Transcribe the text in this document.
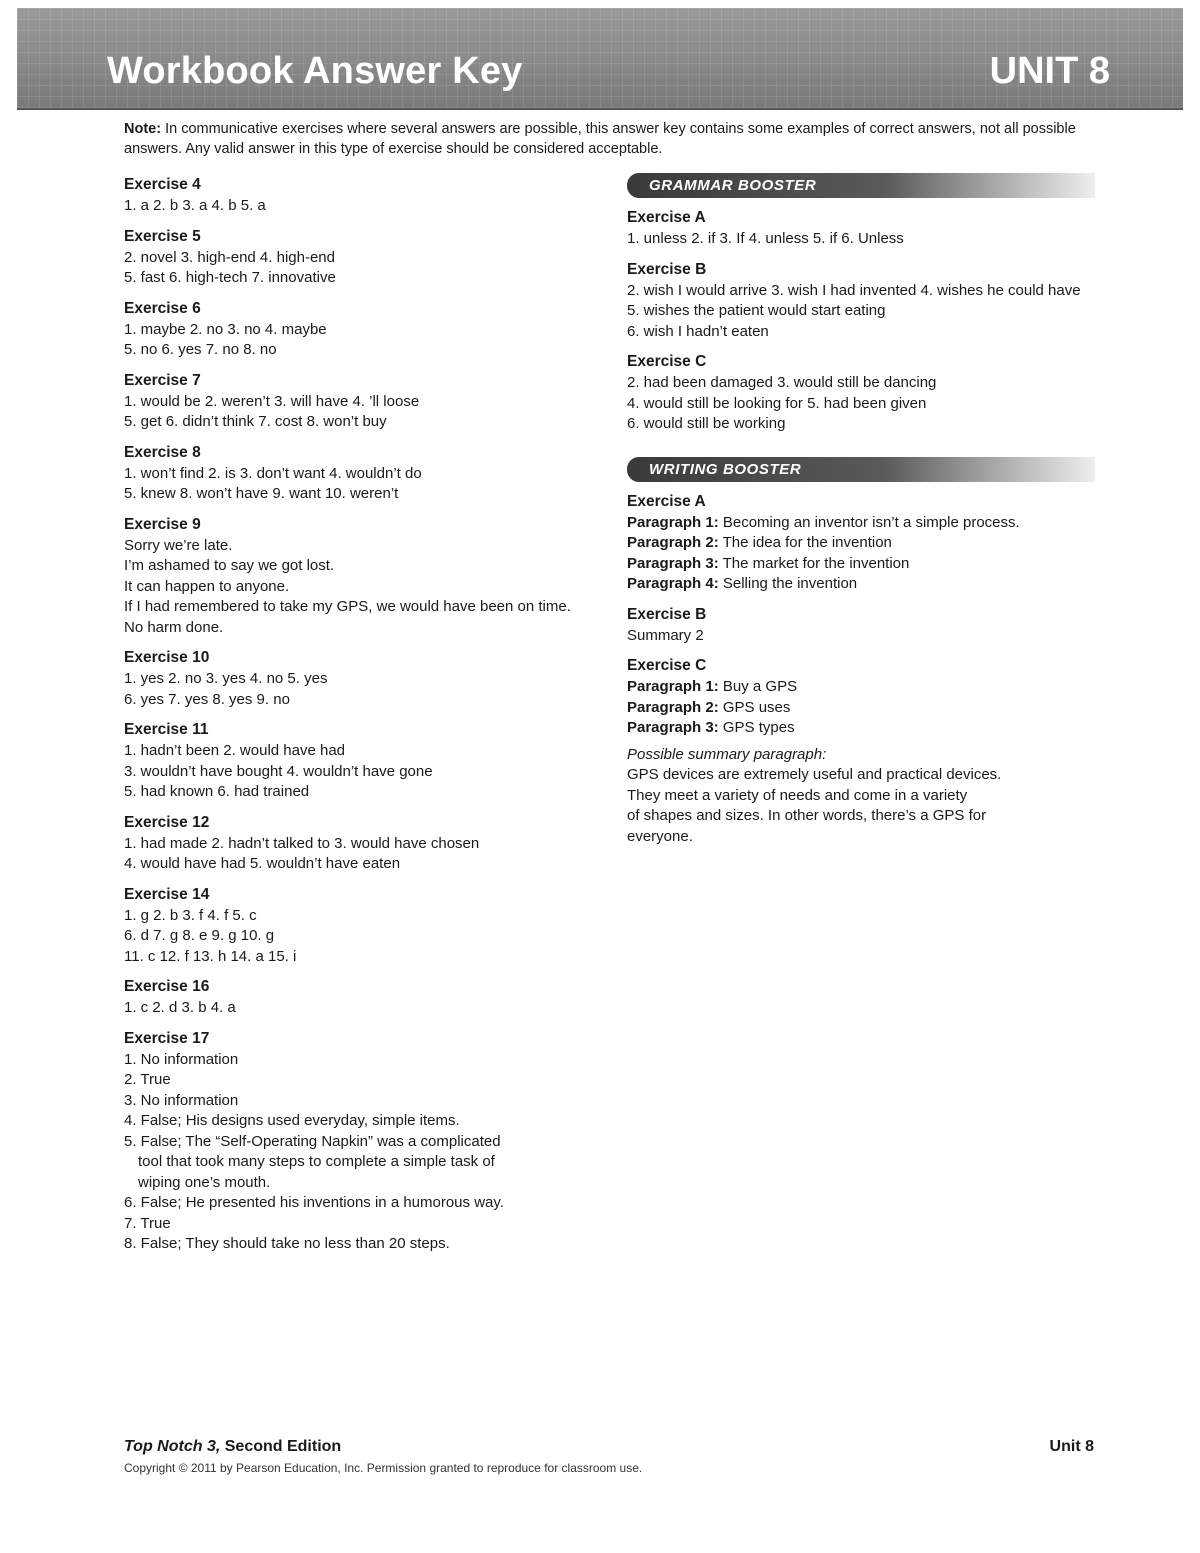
Workbook Answer Key	UNIT 8
Note: In communicative exercises where several answers are possible, this answer key contains some examples of correct answers, not all possible answers. Any valid answer in this type of exercise should be considered acceptable.
Exercise 4
1. a 2. b 3. a 4. b 5. a
Exercise 5
2. novel 3. high-end 4. high-end
5. fast 6. high-tech 7. innovative
Exercise 6
1. maybe 2. no 3. no 4. maybe
5. no 6. yes 7. no 8. no
Exercise 7
1. would be 2. weren’t 3. will have 4. ’ll loose
5. get 6. didn’t think 7. cost 8. won’t buy
Exercise 8
1. won’t find 2. is 3. don’t want 4. wouldn’t do
5. knew 8. won’t have 9. want 10. weren’t
Exercise 9
Sorry we’re late.
I’m ashamed to say we got lost.
It can happen to anyone.
If I had remembered to take my GPS, we would have been on time.
No harm done.
Exercise 10
1. yes 2. no 3. yes 4. no 5. yes
6. yes 7. yes 8. yes 9. no
Exercise 11
1. hadn’t been 2. would have had
3. wouldn’t have bought 4. wouldn’t have gone
5. had known 6. had trained
Exercise 12
1. had made 2. hadn’t talked to 3. would have chosen
4. would have had 5. wouldn’t have eaten
Exercise 14
1. g 2. b 3. f 4. f 5. c
6. d 7. g 8. e 9. g 10. g
11. c 12. f 13. h 14. a 15. i
Exercise 16
1. c 2. d 3. b 4. a
Exercise 17
1. No information
2. True
3. No information
4. False; His designs used everyday, simple items.
5. False; The “Self-Operating Napkin” was a complicated
tool that took many steps to complete a simple task of
wiping one’s mouth.
6. False; He presented his inventions in a humorous way.
7. True
8. False; They should take no less than 20 steps.
GRAMMAR BOOSTER
Exercise A
1. unless 2. if 3. If 4. unless 5. if 6. Unless
Exercise B
2. wish I would arrive 3. wish I had invented 4. wishes he could have 5. wishes the patient would start eating
6. wish I hadn’t eaten
Exercise C
2. had been damaged 3. would still be dancing
4. would still be looking for 5. had been given
6. would still be working
WRITING BOOSTER
Exercise A
Paragraph 1: Becoming an inventor isn’t a simple process.
Paragraph 2: The idea for the invention
Paragraph 3: The market for the invention
Paragraph 4: Selling the invention
Exercise B
Summary 2
Exercise C
Paragraph 1: Buy a GPS
Paragraph 2: GPS uses
Paragraph 3: GPS types
Possible summary paragraph:
GPS devices are extremely useful and practical devices.
They meet a variety of needs and come in a variety
of shapes and sizes. In other words, there’s a GPS for
everyone.
Top Notch 3, Second Edition	Unit 8
Copyright © 2011 by Pearson Education, Inc. Permission granted to reproduce for classroom use.
